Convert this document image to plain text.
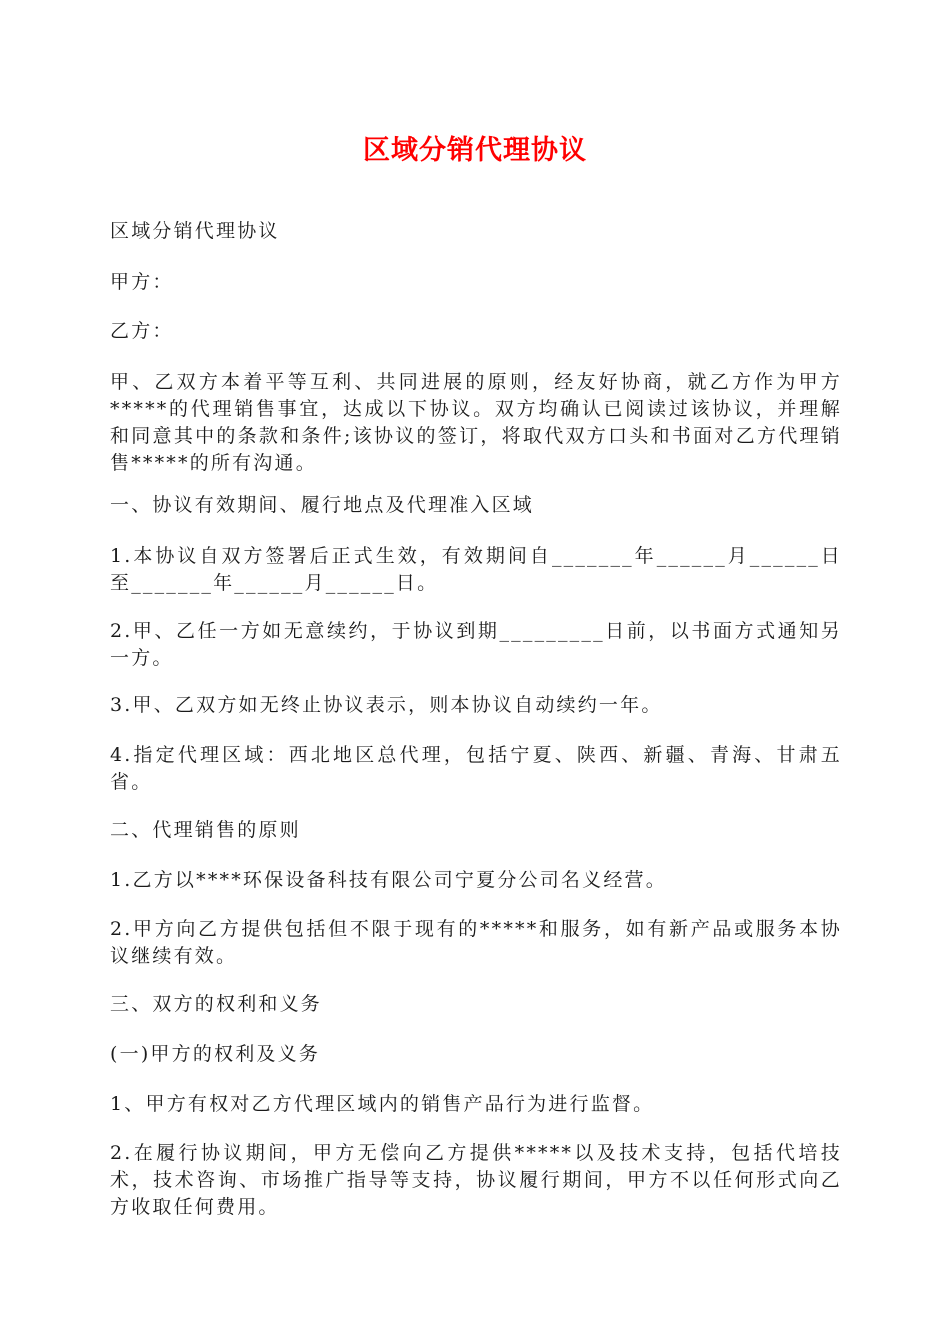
区域分销代理协议

区域分销代理协议

甲方：

乙方：

甲、乙双方本着平等互利、共同进展的原则，经友好协商，就乙方作为甲方*****的代理销售事宜，达成以下协议。双方均确认已阅读过该协议，并理解和同意其中的条款和条件;该协议的签订，将取代双方口头和书面对乙方代理销售*****的所有沟通。

一、协议有效期间、履行地点及代理准入区域

1.本协议自双方签署后正式生效，有效期间自_______年______月______日至_______年______月______日。

2.甲、乙任一方如无意续约，于协议到期_________日前，以书面方式通知另一方。

3.甲、乙双方如无终止协议表示，则本协议自动续约一年。

4.指定代理区域：西北地区总代理，包括宁夏、陕西、新疆、青海、甘肃五省。

二、代理销售的原则

1.乙方以****环保设备科技有限公司宁夏分公司名义经营。

2.甲方向乙方提供包括但不限于现有的*****和服务，如有新产品或服务本协议继续有效。

三、双方的权利和义务

(一)甲方的权利及义务

1、甲方有权对乙方代理区域内的销售产品行为进行监督。

2.在履行协议期间，甲方无偿向乙方提供*****以及技术支持，包括代培技术，技术咨询、市场推广指导等支持，协议履行期间，甲方不以任何形式向乙方收取任何费用。
